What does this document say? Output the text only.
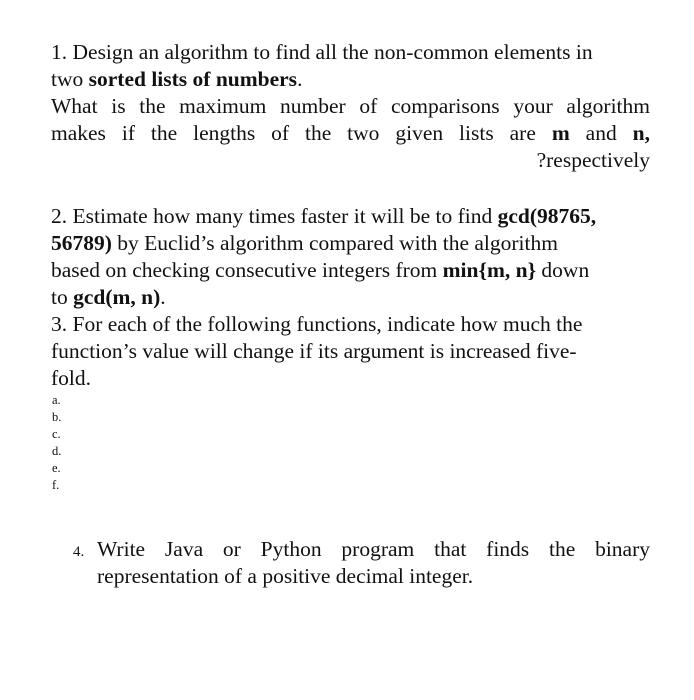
1. Design an algorithm to find all the non-common elements in
two sorted lists of numbers.
What is the maximum number of comparisons your algorithm
makes if the lengths of the two given lists are m and n,
?respectively
2. Estimate how many times faster it will be to find gcd(98765,
56789) by Euclid’s algorithm compared with the algorithm
based on checking consecutive integers from min{m, n} down
to gcd(m, n).
3. For each of the following functions, indicate how much the
function’s value will change if its argument is increased five-
fold.
a.
b.
c.
d.
e.
f.
4. Write Java or Python program that finds the binary
representation of a positive decimal integer.
